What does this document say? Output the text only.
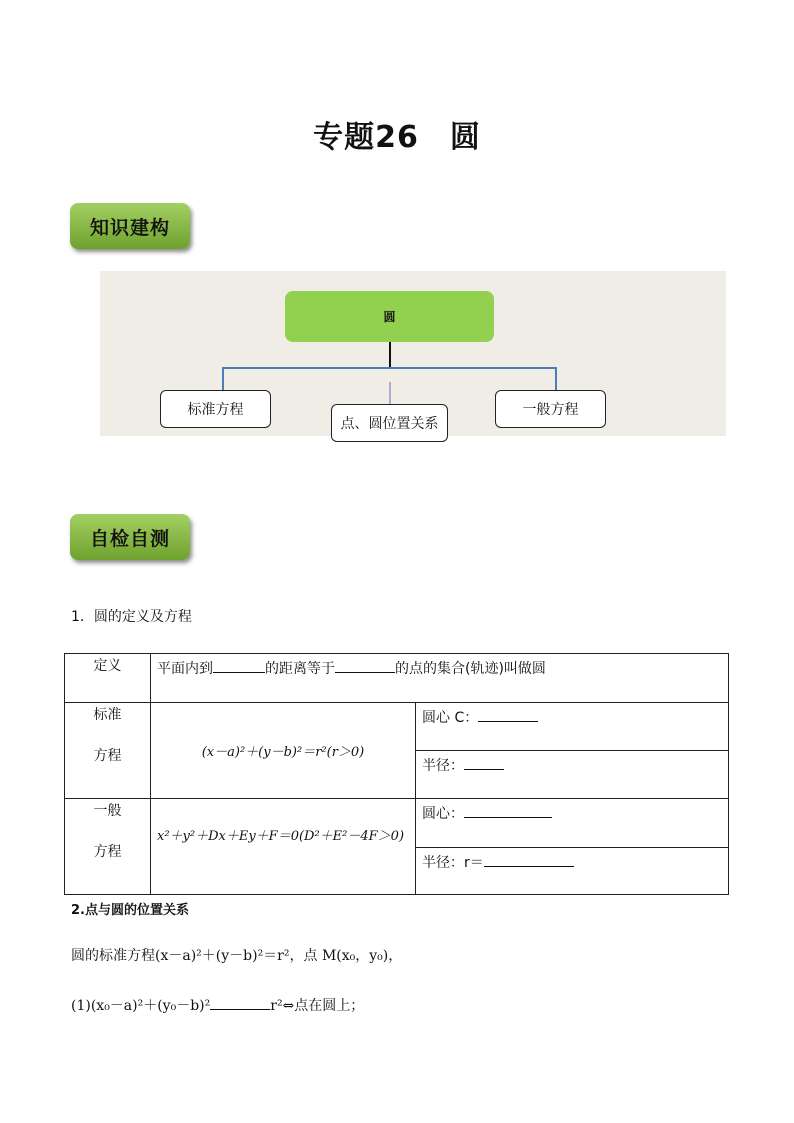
专题26　圆
知识建构
圆
标准方程
点、圆位置关系
一般方程
自检自测
1．圆的定义及方程
定义	平面内到 的距离等于 的点的集合(轨迹)叫做圆	

标准
方程	(x－a)²＋(y－b)²＝r²(r＞0)	圆心 C：
		半径：

一般
方程	x²＋y²＋Dx＋Ey＋F＝0(D²＋E²－4F＞0)	圆心：
		半径：r＝
2.点与圆的位置关系
圆的标准方程(x－a)²＋(y－b)²＝r²，点 M(x₀，y₀)，
(1)(x₀－a)²＋(y₀－b)²	r²⇔点在圆上；
